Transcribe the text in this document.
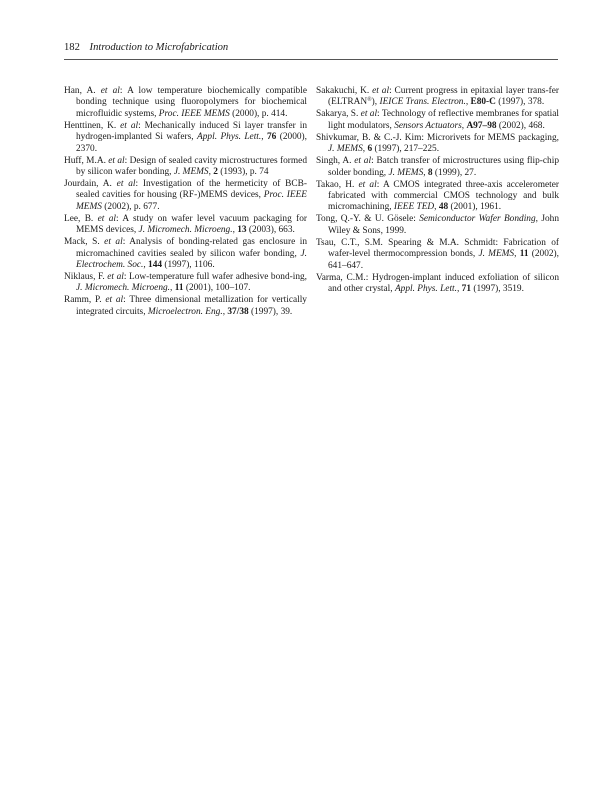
182 Introduction to Microfabrication

Han, A. et al: A low temperature biochemically compatible bonding technique using fluoropolymers for biochemical microfluidic systems, Proc. IEEE MEMS (2000), p. 414.

Henttinen, K. et al: Mechanically induced Si layer transfer in hydrogen-implanted Si wafers, Appl. Phys. Lett., 76 (2000), 2370.

Huff, M.A. et al: Design of sealed cavity microstructures formed by silicon wafer bonding, J. MEMS, 2 (1993), p. 74

Jourdain, A. et al: Investigation of the hermeticity of BCB-sealed cavities for housing (RF-)MEMS devices, Proc. IEEE MEMS (2002), p. 677.

Lee, B. et al: A study on wafer level vacuum packaging for MEMS devices, J. Micromech. Microeng., 13 (2003), 663.

Mack, S. et al: Analysis of bonding-related gas enclosure in micromachined cavities sealed by silicon wafer bonding, J. Electrochem. Soc., 144 (1997), 1106.

Niklaus, F. et al: Low-temperature full wafer adhesive bond-ing, J. Micromech. Microeng., 11 (2001), 100–107.

Ramm, P. et al: Three dimensional metallization for vertically integrated circuits, Microelectron. Eng., 37/38 (1997), 39.

Sakakuchi, K. et al: Current progress in epitaxial layer trans-fer (ELTRAN®), IEICE Trans. Electron., E80-C (1997), 378.

Sakarya, S. et al: Technology of reflective membranes for spatial light modulators, Sensors Actuators, A97–98 (2002), 468.

Shivkumar, B. & C.-J. Kim: Microrivets for MEMS packaging, J. MEMS, 6 (1997), 217–225.

Singh, A. et al: Batch transfer of microstructures using flip-chip solder bonding, J. MEMS, 8 (1999), 27.

Takao, H. et al: A CMOS integrated three-axis accelerometer fabricated with commercial CMOS technology and bulk micromachining, IEEE TED, 48 (2001), 1961.

Tong, Q.-Y. & U. Gösele: Semiconductor Wafer Bonding, John Wiley & Sons, 1999.

Tsau, C.T., S.M. Spearing & M.A. Schmidt: Fabrication of wafer-level thermocompression bonds, J. MEMS, 11 (2002), 641–647.

Varma, C.M.: Hydrogen-implant induced exfoliation of silicon and other crystal, Appl. Phys. Lett., 71 (1997), 3519.
